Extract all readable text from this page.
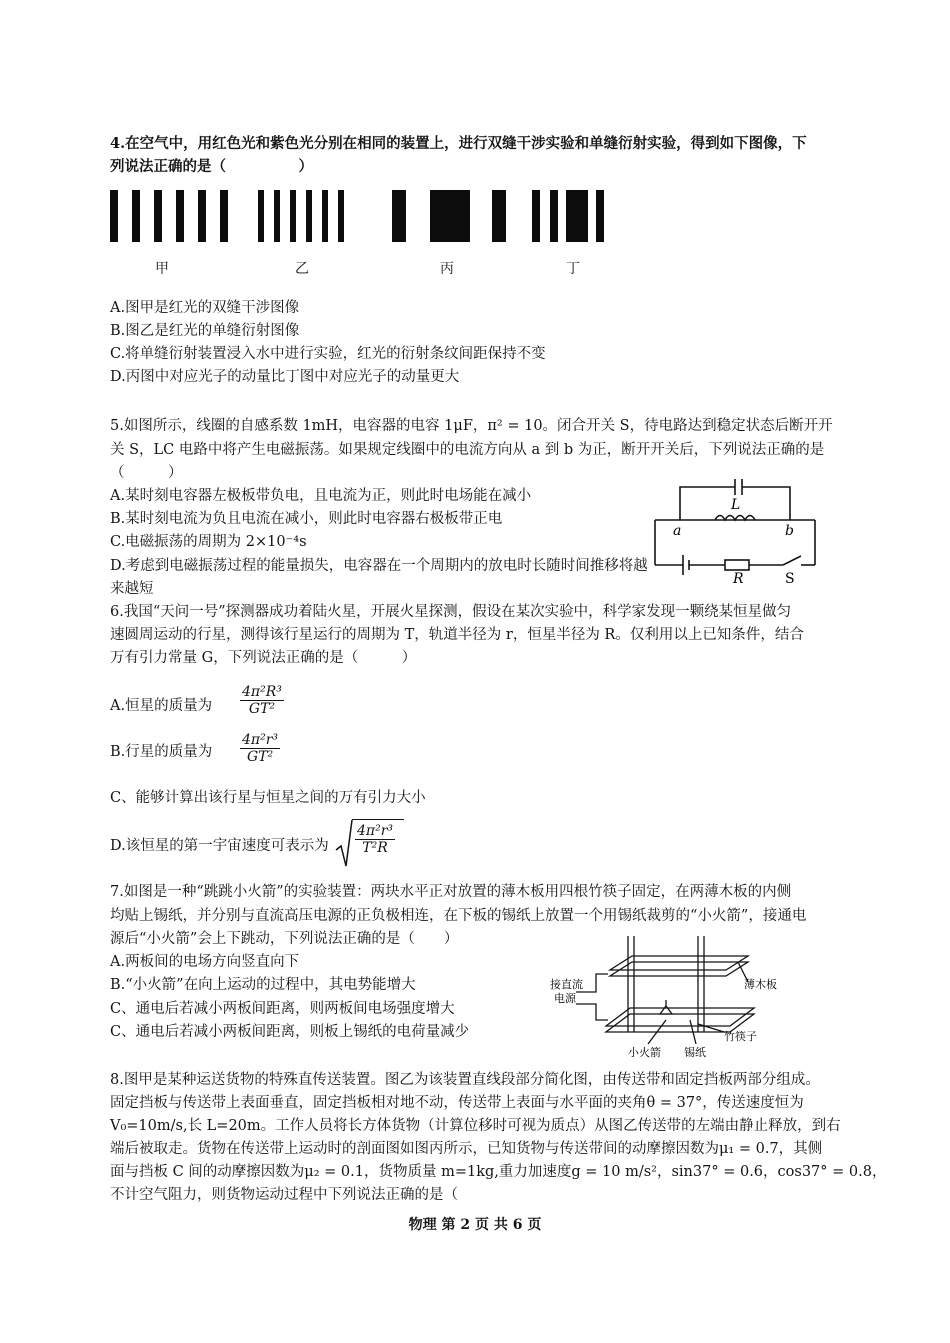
4.在空气中，用红色光和紫色光分别在相同的装置上，进行双缝干涉实验和单缝衍射实验，得到如下图像，下
列说法正确的是（　　　　　）
甲	乙	丙	丁
A.图甲是红光的双缝干涉图像
B.图乙是红光的单缝衍射图像
C.将单缝衍射装置浸入水中进行实验，红光的衍射条纹间距保持不变
D.丙图中对应光子的动量比丁图中对应光子的动量更大
5.如图所示，线圈的自感系数 1mH，电容器的电容 1μF，π² = 10。闭合开关 S，待电路达到稳定状态后断开开
关 S，LC 电路中将产生电磁振荡。如果规定线圈中的电流方向从 a 到 b 为正，断开开关后，下列说法正确的是
（　　　）
A.某时刻电容器左极板带负电，且电流为正，则此时电场能在减小
B.某时刻电流为负且电流在减小，则此时电容器右极板带正电
C.电磁振荡的周期为 2×10⁻⁴s
D.考虑到电磁振荡过程的能量损失，电容器在一个周期内的放电时长随时间推移将越
来越短
L
a	b
R	S
6.我国“天问一号”探测器成功着陆火星，开展火星探测，假设在某次实验中，科学家发现一颗绕某恒星做匀
速圆周运动的行星，测得该行星运行的周期为 T，轨道半径为 r，恒星半径为 R。仅利用以上已知条件，结合
万有引力常量 G，下列说法正确的是（　　　）
A.恒星的质量为 $\frac{\text{4π²R³}}{\text{GT²}}$
B.行星的质量为 $\frac{\text{4π²r³}}{\text{GT²}}$
C、能够计算出该行星与恒星之间的万有引力大小
D.该恒星的第一宇宙速度可表示为 $\frac{\text{4π²r³}}{\text{T²R}}$
7.如图是一种“跳跳小火箭”的实验装置：两块水平正对放置的薄木板用四根竹筷子固定，在两薄木板的内侧
均贴上锡纸，并分别与直流高压电源的正负极相连，在下板的锡纸上放置一个用锡纸裁剪的“小火箭”，接通电
源后“小火箭”会上下跳动，下列说法正确的是（　　）
A.两板间的电场方向竖直向下
B.“小火箭”在向上运动的过程中，其电势能增大
C、通电后若减小两板间距离，则两板间电场强度增大
C、通电后若减小两板间距离，则板上锡纸的电荷量减少
接直流
电源
薄木板
竹筷子
小火箭 锡纸
8.图甲是某种运送货物的特殊直传送装置。图乙为该装置直线段部分简化图，由传送带和固定挡板两部分组成。
固定挡板与传送带上表面垂直，固定挡板相对地不动，传送带上表面与水平面的夹角θ = 37°，传送速度恒为
V₀=10m/s,长 L=20m。工作人员将长方体货物（计算位移时可视为质点）从图乙传送带的左端由静止释放，到右
端后被取走。货物在传送带上运动时的剖面图如图丙所示，已知货物与传送带间的动摩擦因数为μ₁ = 0.7，其侧
面与挡板 C 间的动摩擦因数为μ₂ = 0.1，货物质量 m=1kg,重力加速度g = 10 m/s²，sin37° = 0.6，cos37° = 0.8，
不计空气阻力，则货物运动过程中下列说法正确的是（
物理 第 2 页 共 6 页
